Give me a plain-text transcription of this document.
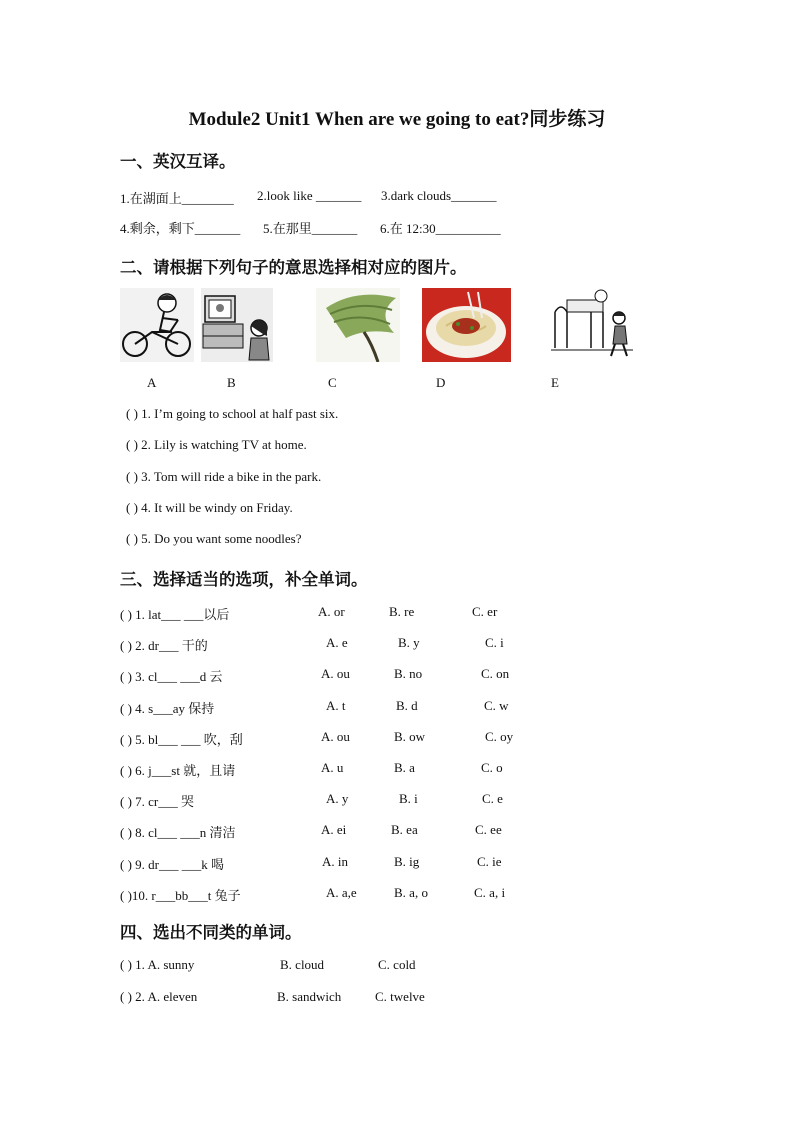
Module2 Unit1 When are we going to eat?同步练习
一、英汉互译。
1.在湖面上________ 2.look like _______ 3.dark clouds_______
4.剩余，剩下_______ 5.在那里_______ 6.在 12:30__________
二、请根据下列句子的意思选择相对应的图片。
A	B	C	D	E
( ) 1. I’m going to school at half past six.
( ) 2. Lily is watching TV at home.
( ) 3. Tom will ride a bike in the park.
( ) 4. It will be windy on Friday.
( ) 5. Do you want some noodles?
三、选择适当的选项，补全单词。
( ) 1. lat___ ___以后	A. or	B. re	C. er
( ) 2. dr___ 干的	A. e	B. y	C. i
( ) 3. cl___ ___d 云	A. ou	B. no	C. on
( ) 4. s___ay 保持	A. t	B. d	C. w
( ) 5. bl___ ___ 吹，刮	A. ou	B. ow	C. oy
( ) 6. j___st 就，且请	A. u	B. a	C. o
( ) 7. cr___ 哭	A. y	B. i	C. e
( ) 8. cl___ ___n 清洁	A. ei	B. ea	C. ee
( ) 9. dr___ ___k 喝	A. in	B. ig	C. ie
( )10. r___bb___t 兔子	A. a,e	B. a, o	C. a, i
四、选出不同类的单词。
( ) 1. A. sunny	B. cloud	C. cold
( ) 2. A. eleven	B. sandwich	C. twelve
